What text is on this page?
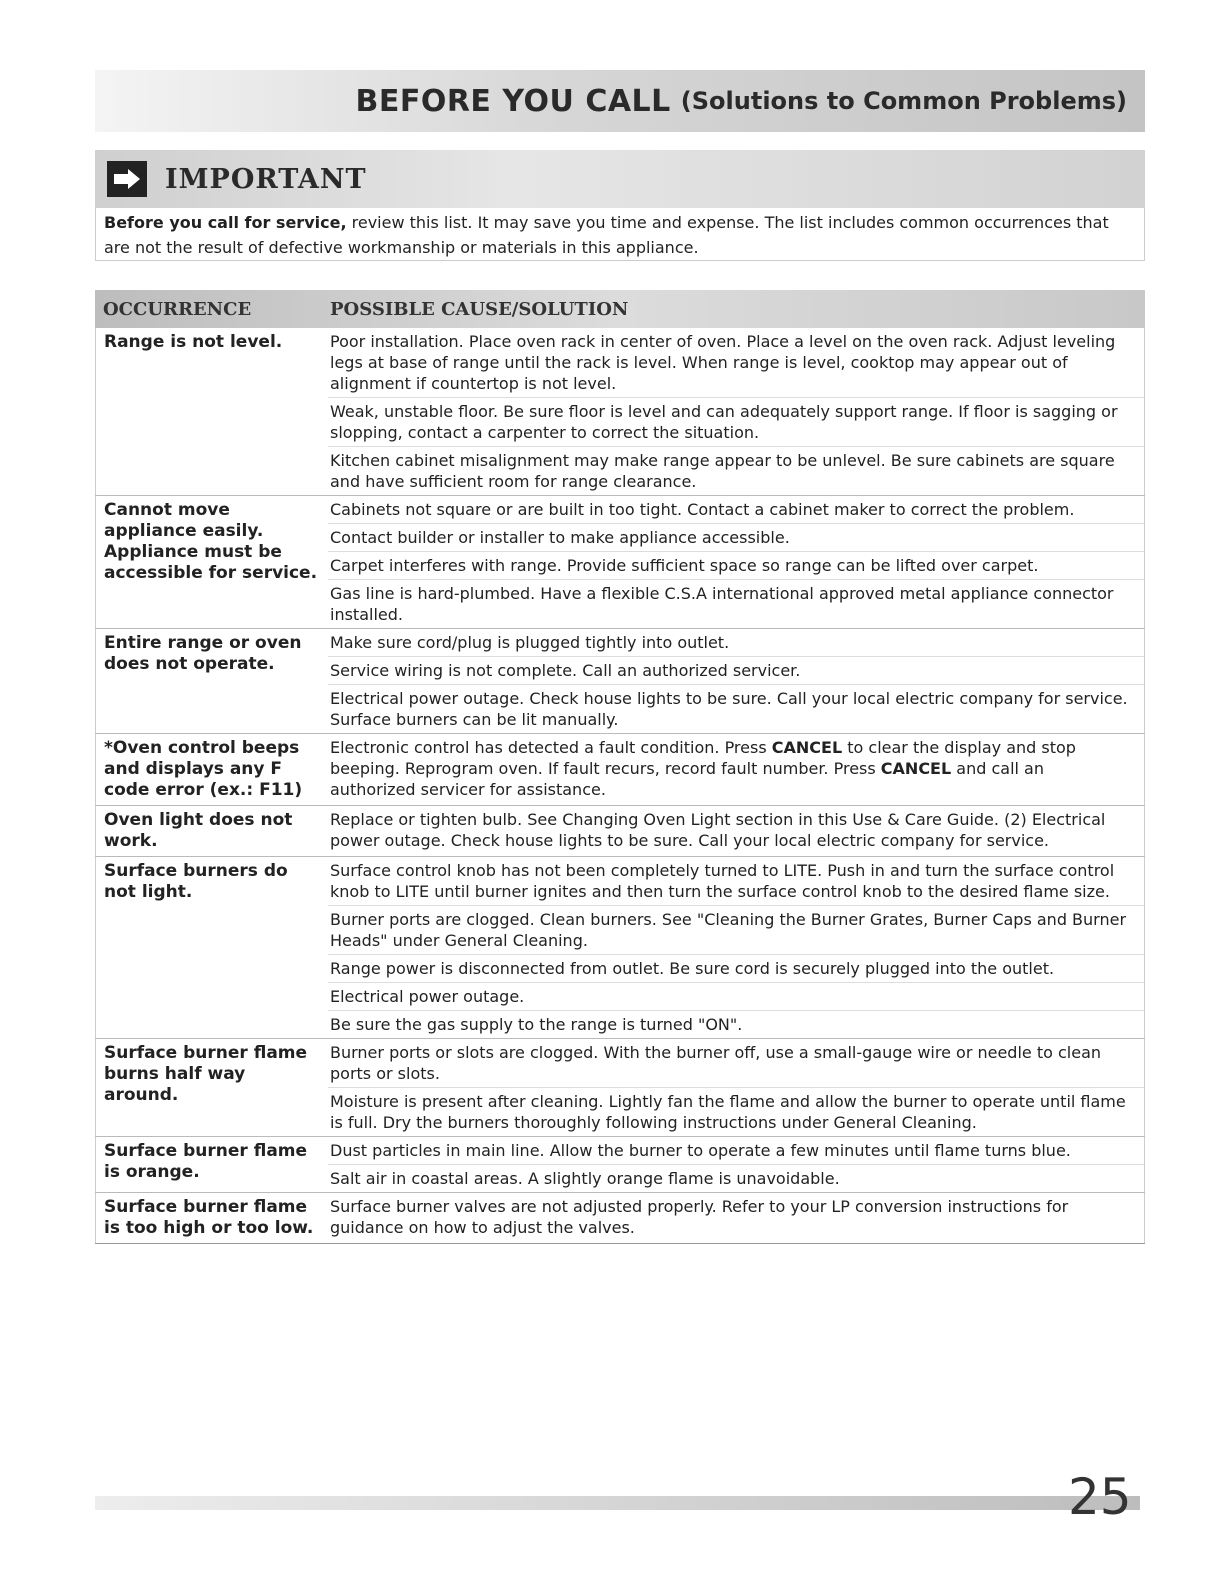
BEFORE YOU CALL (Solutions to Common Problems)
IMPORTANT
Before you call for service, review this list. It may save you time and expense. The list includes common occurrences that are not the result of defective workmanship or materials in this appliance.
OCCURRENCE	POSSIBLE CAUSE/SOLUTION
Range is not level.	Poor installation. Place oven rack in center of oven. Place a level on the oven rack. Adjust leveling legs at base of range until the rack is level. When range is level, cooktop may appear out of alignment if countertop is not level.
Weak, unstable floor. Be sure floor is level and can adequately support range. If floor is sagging or slopping, contact a carpenter to correct the situation.
Kitchen cabinet misalignment may make range appear to be unlevel. Be sure cabinets are square and have sufficient room for range clearance.
Cannot move appliance easily. Appliance must be accessible for service.
Cabinets not square or are built in too tight. Contact a cabinet maker to correct the problem.
Contact builder or installer to make appliance accessible.
Carpet interferes with range. Provide sufficient space so range can be lifted over carpet.
Gas line is hard-plumbed. Have a flexible C.S.A international approved metal appliance connector installed.
Entire range or oven does not operate.
Make sure cord/plug is plugged tightly into outlet.
Service wiring is not complete. Call an authorized servicer.
Electrical power outage. Check house lights to be sure. Call your local electric company for service. Surface burners can be lit manually.
*Oven control beeps and displays any F code error (ex.: F11)
Electronic control has detected a fault condition. Press CANCEL to clear the display and stop beeping. Reprogram oven. If fault recurs, record fault number. Press CANCEL and call an authorized servicer for assistance.
Oven light does not work.
Replace or tighten bulb. See Changing Oven Light section in this Use & Care Guide. (2) Electrical power outage. Check house lights to be sure. Call your local electric company for service.
Surface burners do not light.
Surface control knob has not been completely turned to LITE. Push in and turn the surface control knob to LITE until burner ignites and then turn the surface control knob to the desired flame size.
Burner ports are clogged. Clean burners. See "Cleaning the Burner Grates, Burner Caps and Burner Heads" under General Cleaning.
Range power is disconnected from outlet. Be sure cord is securely plugged into the outlet.
Electrical power outage.
Be sure the gas supply to the range is turned "ON".
Surface burner flame burns half way around.
Burner ports or slots are clogged. With the burner off, use a small-gauge wire or needle to clean ports or slots.
Moisture is present after cleaning. Lightly fan the flame and allow the burner to operate until flame is full. Dry the burners thoroughly following instructions under General Cleaning.
Surface burner flame is orange.
Dust particles in main line. Allow the burner to operate a few minutes until flame turns blue.
Salt air in coastal areas. A slightly orange flame is unavoidable.
Surface burner flame is too high or too low.
Surface burner valves are not adjusted properly. Refer to your LP conversion instructions for guidance on how to adjust the valves.
25
